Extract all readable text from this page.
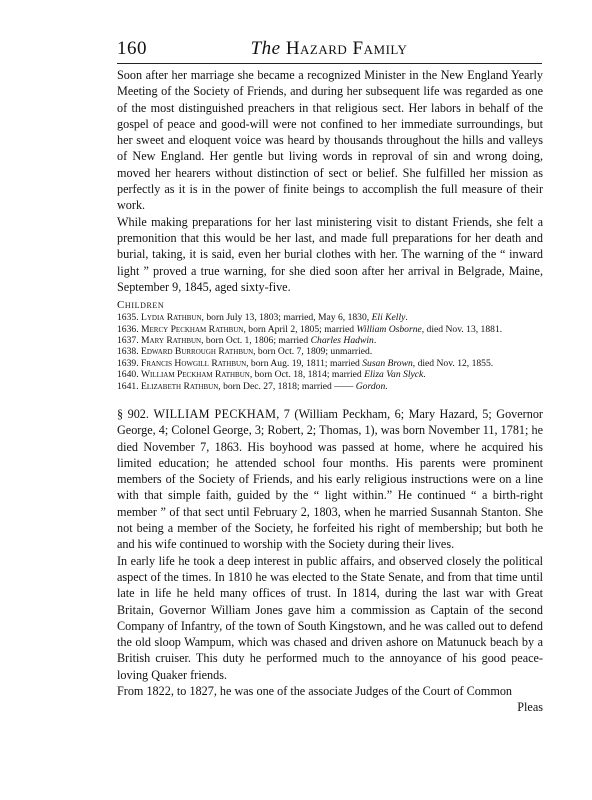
160	The Hazard Family

Soon after her marriage she became a recognized Minister in the New England Yearly Meeting of the Society of Friends, and during her subsequent life was regarded as one of the most distinguished preachers in that religious sect. Her labors in behalf of the gospel of peace and good-will were not confined to her immediate surroundings, but her sweet and eloquent voice was heard by thousands throughout the hills and valleys of New England. Her gentle but living words in reproval of sin and wrong doing, moved her hearers without distinction of sect or belief. She fulfilled her mission as perfectly as it is in the power of finite beings to accomplish the full measure of their work.

While making preparations for her last ministering visit to distant Friends, she felt a premonition that this would be her last, and made full preparations for her death and burial, taking, it is said, even her burial clothes with her. The warning of the “ inward light ” proved a true warning, for she died soon after her arrival in Belgrade, Maine, September 9, 1845, aged sixty-five.

Children
1635. Lydia Rathbun, born July 13, 1803; married, May 6, 1830, Eli Kelly.
1636. Mercy Peckham Rathbun, born April 2, 1805; married William Osborne, died Nov. 13, 1881.
1637. Mary Rathbun, born Oct. 1, 1806; married Charles Hadwin.
1638. Edward Burrough Rathbun, born Oct. 7, 1809; unmarried.
1639. Francis Howgill Rathbun, born Aug. 19, 1811; married Susan Brown, died Nov. 12, 1855.
1640. William Peckham Rathbun, born Oct. 18, 1814; married Eliza Van Slyck.
1641. Elizabeth Rathbun, born Dec. 27, 1818; married —— Gordon.

§ 902. WILLIAM PECKHAM, 7 (William Peckham, 6; Mary Hazard, 5; Governor George, 4; Colonel George, 3; Robert, 2; Thomas, 1), was born November 11, 1781; he died November 7, 1863. His boyhood was passed at home, where he acquired his limited education; he attended school four months. His parents were prominent members of the Society of Friends, and his early religious instructions were on a line with that simple faith, guided by the “ light within.” He continued “ a birth-right member ” of that sect until February 2, 1803, when he married Susannah Stanton. She not being a member of the Society, he forfeited his right of membership; but both he and his wife continued to worship with the Society during their lives.

In early life he took a deep interest in public affairs, and observed closely the political aspect of the times. In 1810 he was elected to the State Senate, and from that time until late in life he held many offices of trust. In 1814, during the last war with Great Britain, Governor William Jones gave him a commission as Captain of the second Company of Infantry, of the town of South Kingstown, and he was called out to defend the old sloop Wampum, which was chased and driven ashore on Matunuck beach by a British cruiser. This duty he performed much to the annoyance of his good peace-loving Quaker friends.

From 1822, to 1827, he was one of the associate Judges of the Court of Common

Pleas
